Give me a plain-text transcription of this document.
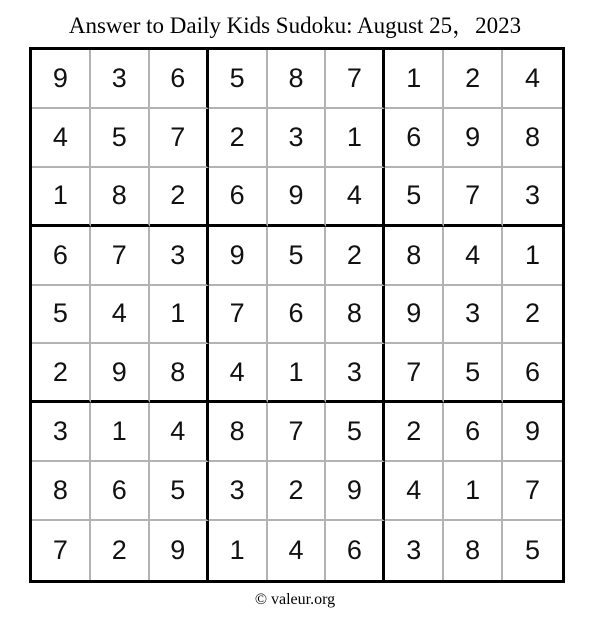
Answer to Daily Kids Sudoku: August 25，2023
9	3	6	5	8	7	1	2	4
4	5	7	2	3	1	6	9	8
1	8	2	6	9	4	5	7	3
6	7	3	9	5	2	8	4	1
5	4	1	7	6	8	9	3	2
2	9	8	4	1	3	7	5	6
3	1	4	8	7	5	2	6	9
8	6	5	3	2	9	4	1	7
7	2	9	1	4	6	3	8	5
© valeur.org
